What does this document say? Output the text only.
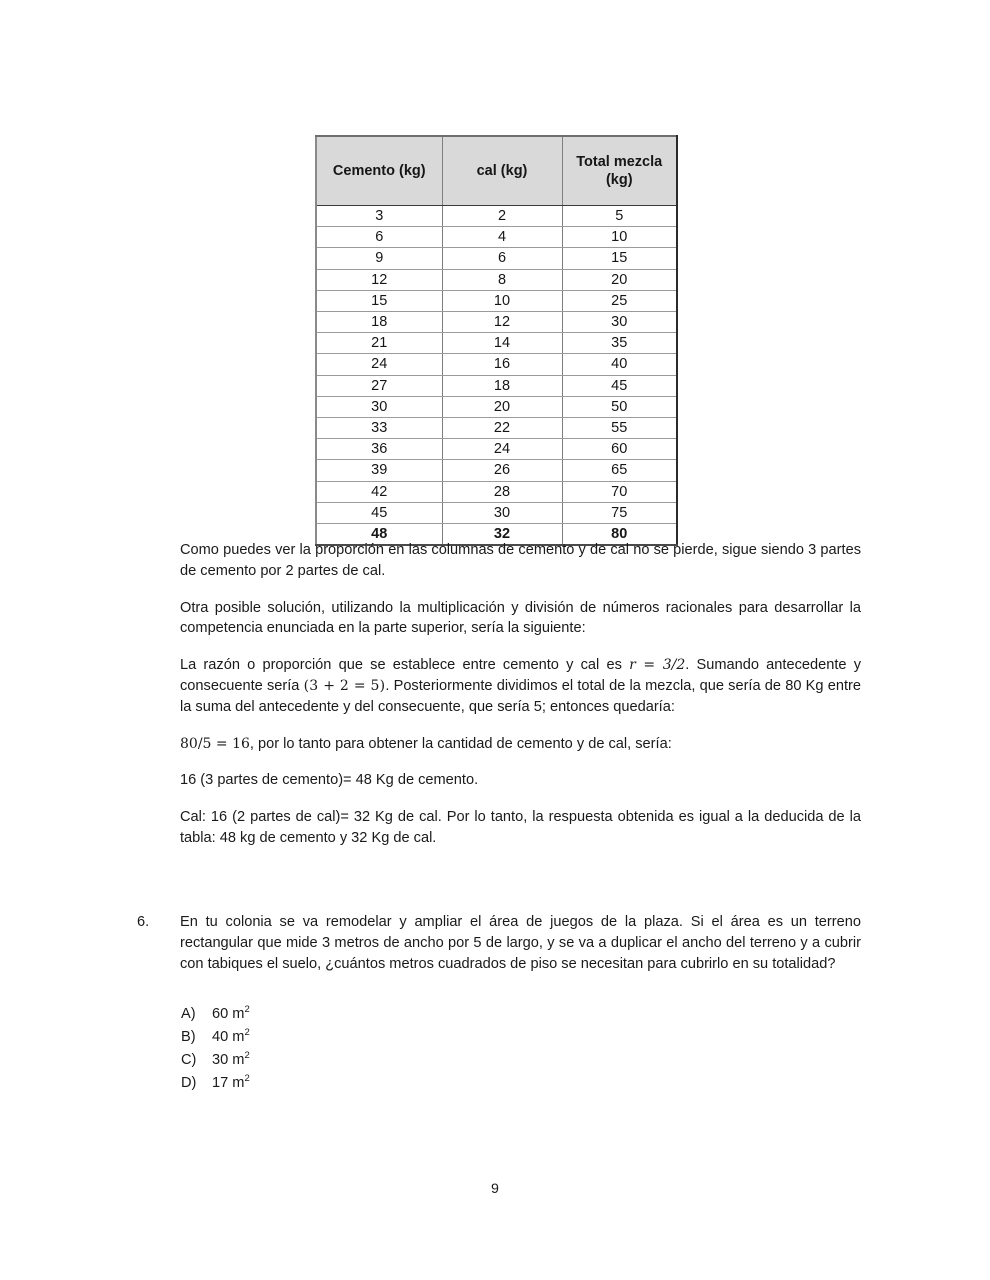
Cemento (kg)	cal (kg)	Total mezcla (kg)
3	2	5
6	4	10
9	6	15
12	8	20
15	10	25
18	12	30
21	14	35
24	16	40
27	18	45
30	20	50
33	22	55
36	24	60
39	26	65
42	28	70
45	30	75
48	32	80

Como puedes ver la proporción en las columnas de cemento y de cal no se pierde, sigue siendo 3 partes de cemento por 2 partes de cal.

Otra posible solución, utilizando la multiplicación y división de números racionales para desarrollar la competencia enunciada en la parte superior, sería la siguiente:

La razón o proporción que se establece entre cemento y cal es r = 3/2. Sumando antecedente y consecuente sería (3 + 2 = 5). Posteriormente dividimos el total de la mezcla, que sería de 80 Kg entre la suma del antecedente y del consecuente, que sería 5; entonces quedaría:

80/5 = 16, por lo tanto para obtener la cantidad de cemento y de cal, sería:

16 (3 partes de cemento)= 48 Kg de cemento.

Cal: 16 (2 partes de cal)= 32 Kg de cal. Por lo tanto, la respuesta obtenida es igual a la deducida de la tabla: 48 kg de cemento y 32 Kg de cal.

6.	En tu colonia se va remodelar y ampliar el área de juegos de la plaza. Si el área es un terreno rectangular que mide 3 metros de ancho por 5 de largo, y se va a duplicar el ancho del terreno y a cubrir con tabiques el suelo, ¿cuántos metros cuadrados de piso se necesitan para cubrirlo en su totalidad?
A)	60 $m^2$
B)	40 $m^2$
C)	30 $m^2$
D)	17 $m^2$
9
